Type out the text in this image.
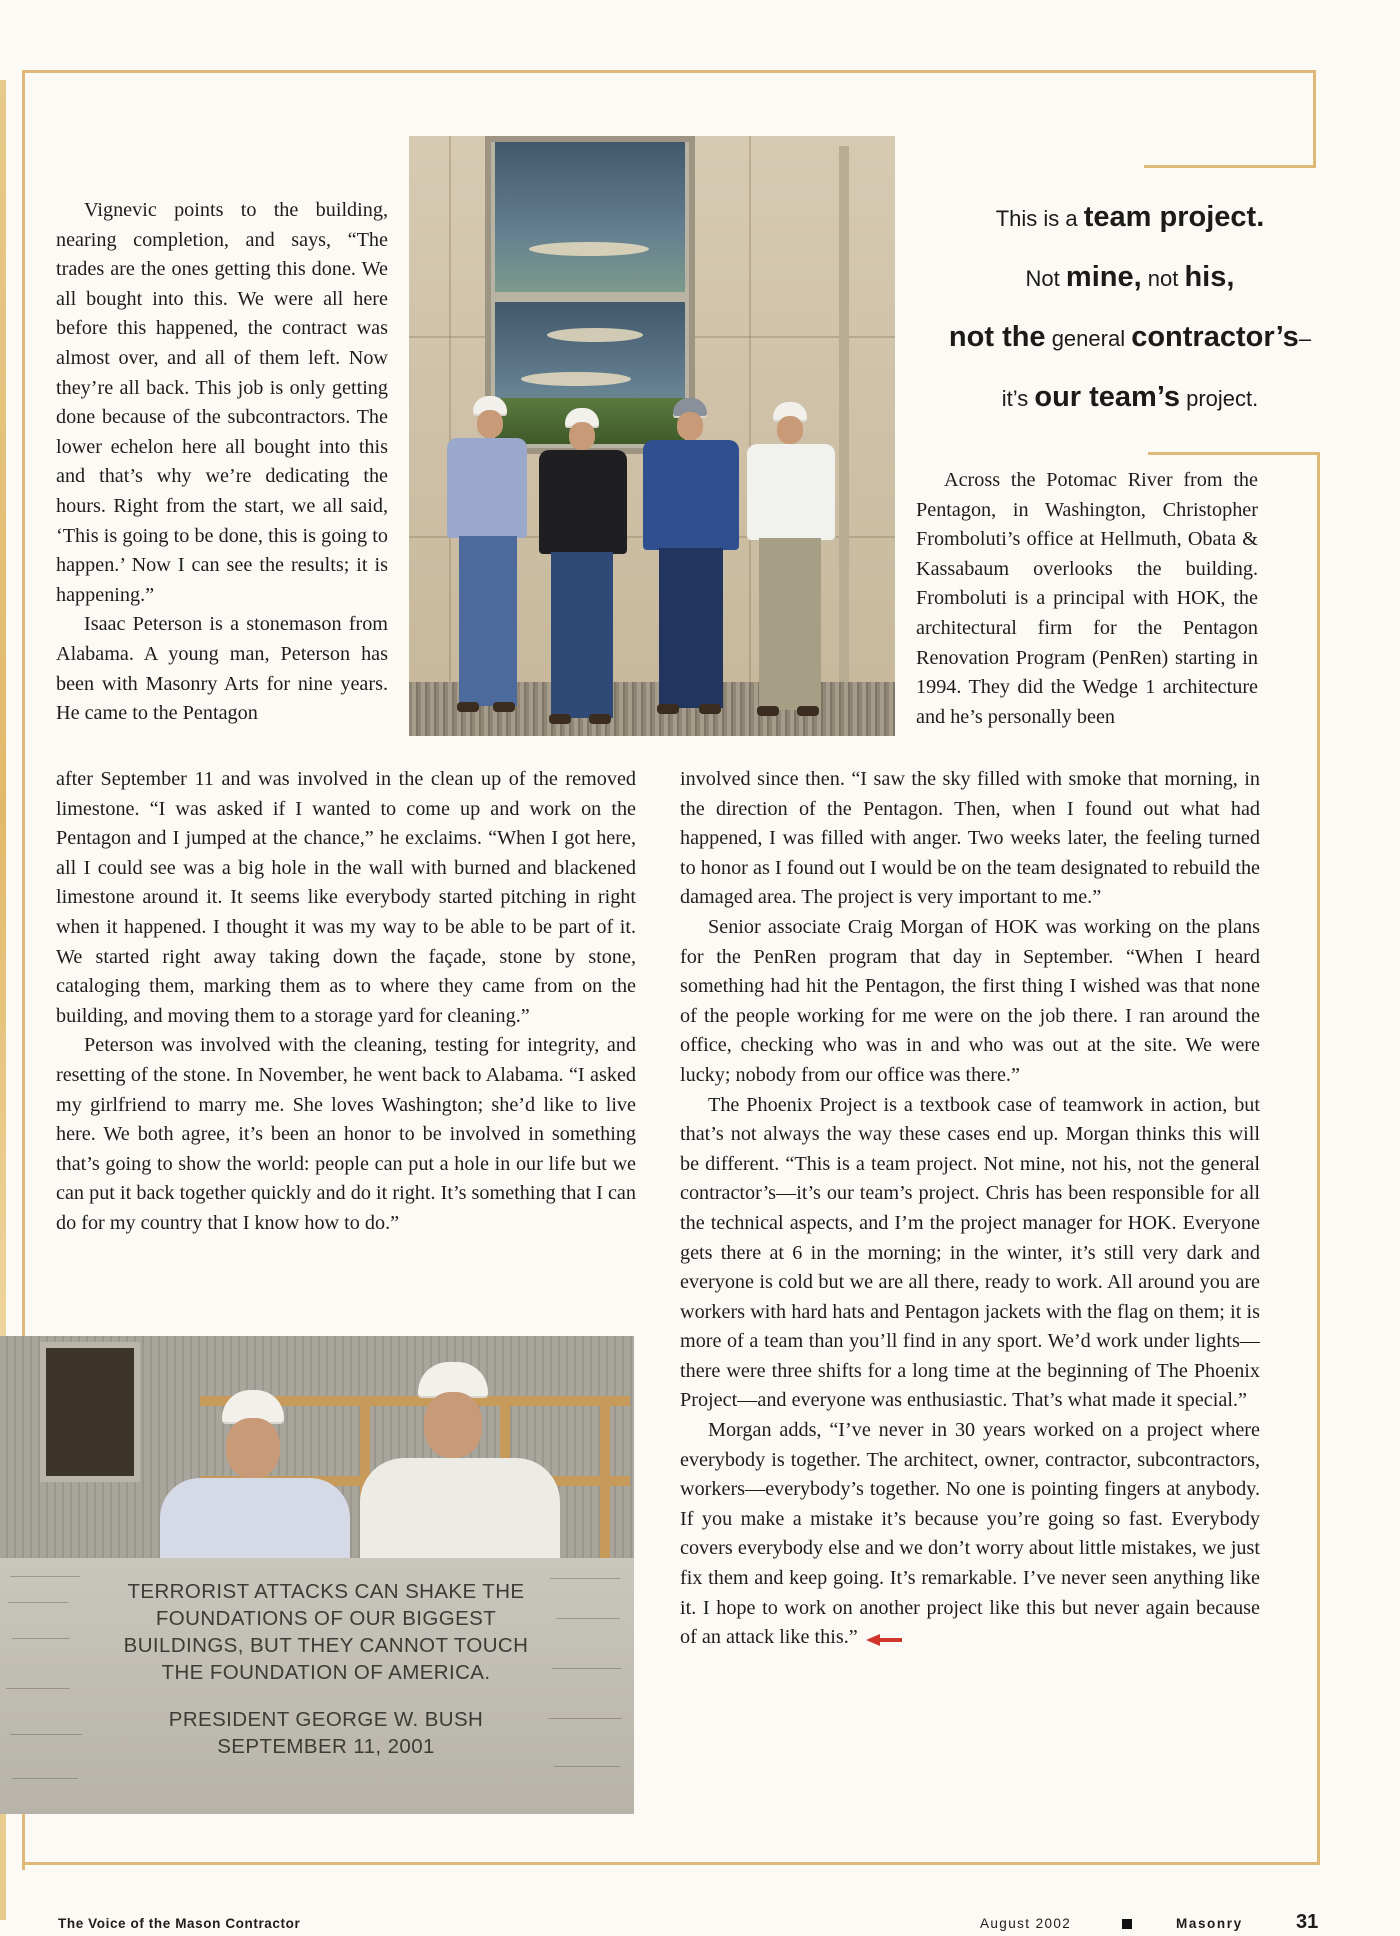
This is a team project.

Not mine, not his,

not the general contractor’s–

it’s our team’s project.

Vignevic points to the building, nearing completion, and says, “The trades are the ones getting this done. We all bought into this. We were all here before this happened, the contract was almost over, and all of them left. Now they’re all back. This job is only getting done because of the subcontractors. The lower echelon here all bought into this and that’s why we’re dedicating the hours. Right from the start, we all said, ‘This is going to be done, this is going to happen.’ Now I can see the results; it is happening.”

Isaac Peterson is a stonemason from Alabama. A young man, Peterson has been with Masonry Arts for nine years. He came to the Pentagon

after September 11 and was involved in the clean up of the removed limestone. “I was asked if I wanted to come up and work on the Pentagon and I jumped at the chance,” he exclaims. “When I got here, all I could see was a big hole in the wall with burned and blackened limestone around it. It seems like everybody started pitching in right when it happened. I thought it was my way to be able to be part of it. We started right away taking down the façade, stone by stone, cataloging them, marking them as to where they came from on the building, and moving them to a storage yard for cleaning.”

Peterson was involved with the cleaning, testing for integrity, and resetting of the stone. In November, he went back to Alabama. “I asked my girlfriend to marry me. She loves Washington; she’d like to live here. We both agree, it’s been an honor to be involved in something that’s going to show the world: people can put a hole in our life but we can put it back together quickly and do it right. It’s something that I can do for my country that I know how to do.”

Across the Potomac River from the Pentagon, in Washington, Christopher Fromboluti’s office at Hellmuth, Obata & Kassabaum overlooks the building. Fromboluti is a principal with HOK, the architectural firm for the Pentagon Renovation Program (PenRen) starting in 1994. They did the Wedge 1 architecture and he’s personally been

involved since then. “I saw the sky filled with smoke that morning, in the direction of the Pentagon. Then, when I found out what had happened, I was filled with anger. Two weeks later, the feeling turned to honor as I found out I would be on the team designated to rebuild the damaged area. The project is very important to me.”

Senior associate Craig Morgan of HOK was working on the plans for the PenRen program that day in September. “When I heard something had hit the Pentagon, the first thing I wished was that none of the people working for me were on the job there. I ran around the office, checking who was in and who was out at the site. We were lucky; nobody from our office was there.”

The Phoenix Project is a textbook case of teamwork in action, but that’s not always the way these cases end up. Morgan thinks this will be different. “This is a team project. Not mine, not his, not the general contractor’s—it’s our team’s project. Chris has been responsible for all the technical aspects, and I’m the project manager for HOK. Everyone gets there at 6 in the morning; in the winter, it’s still very dark and everyone is cold but we are all there, ready to work. All around you are workers with hard hats and Pentagon jackets with the flag on them; it is more of a team than you’ll find in any sport. We’d work under lights—there were three shifts for a long time at the beginning of The Phoenix Project—and everyone was enthusiastic. That’s what made it special.”

Morgan adds, “I’ve never in 30 years worked on a project where everybody is together. The architect, owner, contractor, subcontractors, workers—everybody’s together. No one is pointing fingers at anybody. If you make a mistake it’s because you’re going so fast. Everybody covers everybody else and we don’t worry about little mistakes, we just fix them and keep going. It’s remarkable. I’ve never seen anything like it. I hope to work on another project like this but never again because of an attack like this.”

TERRORIST ATTACKS CAN SHAKE THE
FOUNDATIONS OF OUR BIGGEST
BUILDINGS, BUT THEY CANNOT TOUCH
THE FOUNDATION OF AMERICA.
PRESIDENT GEORGE W. BUSH
SEPTEMBER 11, 2001
The Voice of the Mason Contractor	August 2002	Masonry	31
